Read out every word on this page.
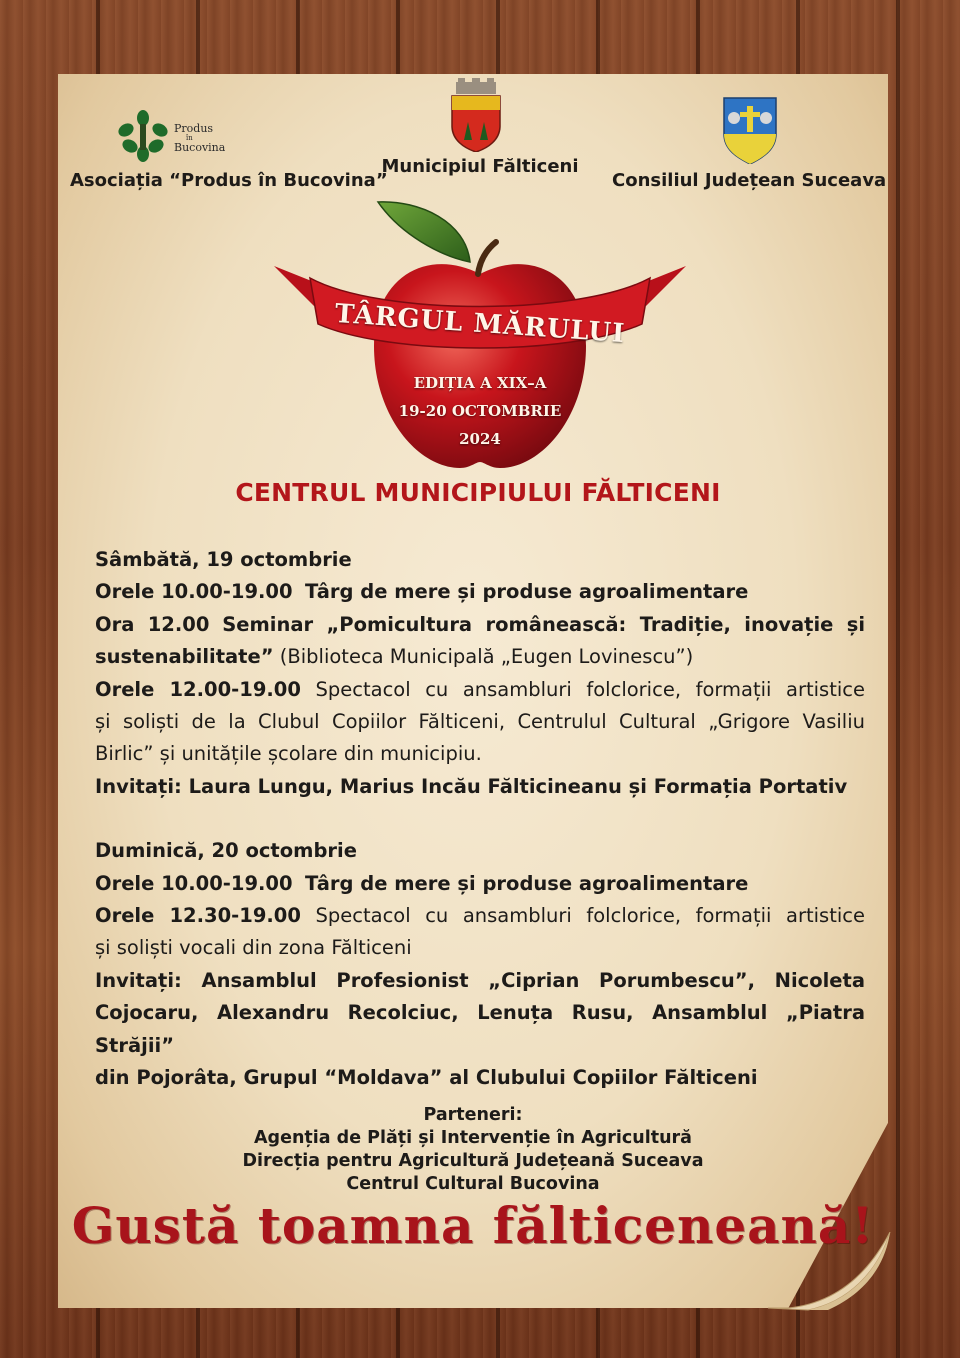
Produs
în
Bucovina
Asociația “Produs în Bucovina”
Municipiul Fălticeni
Consiliul Județean Suceava
TÂRGUL MĂRULUI
EDIȚIA A XIX–A
19-20 OCTOMBRIE
2024
CENTRUL MUNICIPIULUI FĂLTICENI
Sâmbătă, 19 octombrie
Orele 10.00-19.00 Târg de mere și produse agroalimentare
Ora 12.00 Seminar „Pomicultura românească: Tradiție, inovație și
sustenabilitate” (Biblioteca Municipală „Eugen Lovinescu”)
Orele 12.00-19.00 Spectacol cu ansambluri folclorice, formații artistice
și soliști de la Clubul Copiilor Fălticeni, Centrulul Cultural „Grigore Vasiliu
Birlic” și unitățile școlare din municipiu.
Invitați: Laura Lungu, Marius Incău Fălticineanu și Formația Portativ
Duminică, 20 octombrie
Orele 10.00-19.00 Târg de mere și produse agroalimentare
Orele 12.30-19.00 Spectacol cu ansambluri folclorice, formații artistice
și soliști vocali din zona Fălticeni
Invitați: Ansamblul Profesionist „Ciprian Porumbescu”, Nicoleta
Cojocaru, Alexandru Recolciuc, Lenuța Rusu, Ansamblul „Piatra Străjii”
din Pojorâta, Grupul “Moldava” al Clubului Copiilor Fălticeni
Parteneri:
Agenția de Plăți și Intervenție în Agricultură
Direcția pentru Agricultură Județeană Suceava
Centrul Cultural Bucovina
Gustă toamna fălticeneană!
